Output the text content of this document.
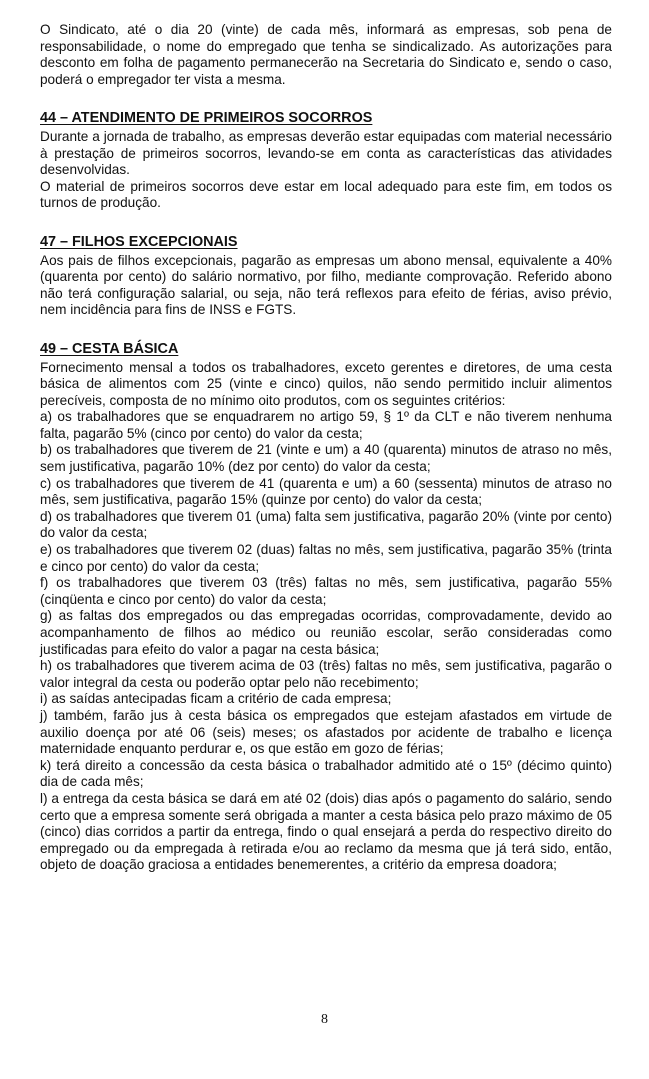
O Sindicato, até o dia 20 (vinte) de cada mês, informará as empresas, sob pena de responsabilidade, o nome do empregado que tenha se sindicalizado. As autorizações para desconto em folha de pagamento permanecerão na Secretaria do Sindicato e, sendo o caso, poderá o empregador ter vista a mesma.

44 – ATENDIMENTO DE PRIMEIROS SOCORROS

Durante a jornada de trabalho, as empresas deverão estar equipadas com material necessário à prestação de primeiros socorros, levando-se em conta as características das atividades desenvolvidas.

O material de primeiros socorros deve estar em local adequado para este fim, em todos os turnos de produção.

47 – FILHOS EXCEPCIONAIS

Aos pais de filhos excepcionais, pagarão as empresas um abono mensal, equivalente a 40% (quarenta por cento) do salário normativo, por filho, mediante comprovação. Referido abono não terá configuração salarial, ou seja, não terá reflexos para efeito de férias, aviso prévio, nem incidência para fins de INSS e FGTS.

49 – CESTA BÁSICA

Fornecimento mensal a todos os trabalhadores, exceto gerentes e diretores, de uma cesta básica de alimentos com 25 (vinte e cinco) quilos, não sendo permitido incluir alimentos perecíveis, composta de no mínimo oito produtos, com os seguintes critérios:

a) os trabalhadores que se enquadrarem no artigo 59, § 1º da CLT e não tiverem nenhuma falta, pagarão 5% (cinco por cento) do valor da cesta;

b) os trabalhadores que tiverem de 21 (vinte e um) a 40 (quarenta) minutos de atraso no mês, sem justificativa, pagarão 10% (dez por cento) do valor da cesta;

c) os trabalhadores que tiverem de 41 (quarenta e um) a 60 (sessenta) minutos de atraso no mês, sem justificativa, pagarão 15% (quinze por cento) do valor da cesta;

d) os trabalhadores que tiverem 01 (uma) falta sem justificativa, pagarão 20% (vinte por cento) do valor da cesta;

e) os trabalhadores que tiverem 02 (duas) faltas no mês, sem justificativa, pagarão 35% (trinta e cinco por cento) do valor da cesta;

f) os trabalhadores que tiverem 03 (três) faltas no mês, sem justificativa, pagarão 55% (cinqüenta e cinco por cento) do valor da cesta;

g) as faltas dos empregados ou das empregadas ocorridas, comprovadamente, devido ao acompanhamento de filhos ao médico ou reunião escolar, serão consideradas como justificadas para efeito do valor a pagar na cesta básica;

h) os trabalhadores que tiverem acima de 03 (três) faltas no mês, sem justificativa, pagarão o valor integral da cesta ou poderão optar pelo não recebimento;

i) as saídas antecipadas ficam a critério de cada empresa;

j) também, farão jus à cesta básica os empregados que estejam afastados em virtude de auxilio doença por até 06 (seis) meses; os afastados por acidente de trabalho e licença maternidade enquanto perdurar e, os que estão em gozo de férias;

k) terá direito a concessão da cesta básica o trabalhador admitido até o 15º (décimo quinto) dia de cada mês;

l) a entrega da cesta básica se dará em até 02 (dois) dias após o pagamento do salário, sendo certo que a empresa somente será obrigada a manter a cesta básica pelo prazo máximo de 05 (cinco) dias corridos a partir da entrega, findo o qual ensejará a perda do respectivo direito do empregado ou da empregada à retirada e/ou ao reclamo da mesma que já terá sido, então, objeto de doação graciosa a entidades benemerentes, a critério da empresa doadora;

8
